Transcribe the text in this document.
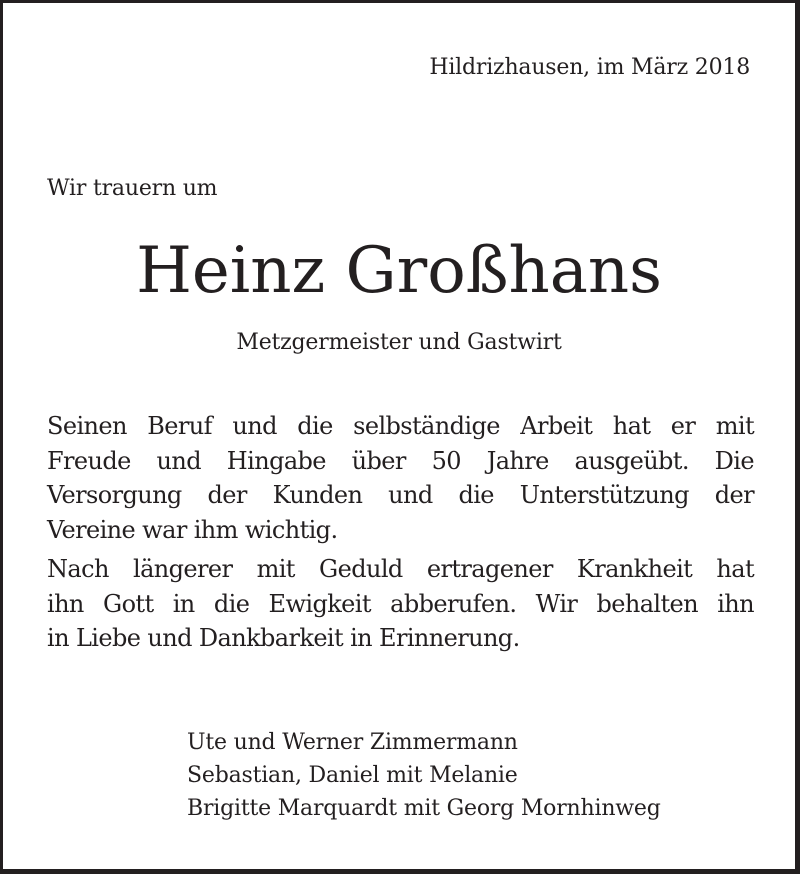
Hildrizhausen, im März 2018

Wir trauern um

Heinz Großhans

Metzgermeister und Gastwirt

Seinen Beruf und die selbständige Arbeit hat er mit
Freude und Hingabe über 50 Jahre ausgeübt. Die
Versorgung der Kunden und die Unterstützung der
Vereine war ihm wichtig.
Nach längerer mit Geduld ertragener Krankheit hat
ihn Gott in die Ewigkeit abberufen. Wir behalten ihn
in Liebe und Dankbarkeit in Erinnerung.
Ute und Werner Zimmermann
Sebastian, Daniel mit Melanie
Brigitte Marquardt mit Georg Mornhinweg
